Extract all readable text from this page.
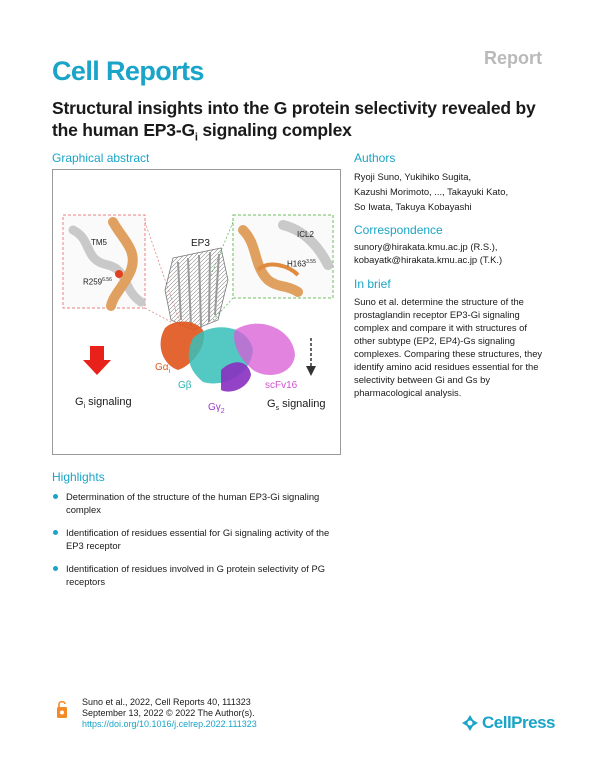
Report
Cell Reports
Structural insights into the G protein selectivity revealed by the human $EP3-G_i$ signaling complex
Graphical abstract
TM5	EP3
ICL2
$R259^{6.56}$
$H163^{3.55}$
$G\alpha_i$
Gβ
$G\gamma_2$
scFv16
$G_i$ signaling	$G_s$ signaling
Authors
Ryoji Suno, Yukihiko Sugita,
Kazushi Morimoto, ..., Takayuki Kato,
So Iwata, Takuya Kobayashi
Correspondence
sunory@hirakata.kmu.ac.jp (R.S.),
kobayatk@hirakata.kmu.ac.jp (T.K.)
In brief
Suno et al. determine the structure of the prostaglandin receptor EP3-Gi signaling complex and compare it with structures of other subtype (EP2, EP4)-Gs signaling complexes. Comparing these structures, they identify amino acid residues essential for the selectivity between Gi and Gs by pharmacological analysis.
Highlights
Determination of the structure of the human EP3-Gi signaling complex
Identification of residues essential for Gi signaling activity of the EP3 receptor
Identification of residues involved in G protein selectivity of PG receptors
Suno et al., 2022, Cell Reports 40, 111323
September 13, 2022 © 2022 The Author(s).
https://doi.org/10.1016/j.celrep.2022.111323	CellPress
